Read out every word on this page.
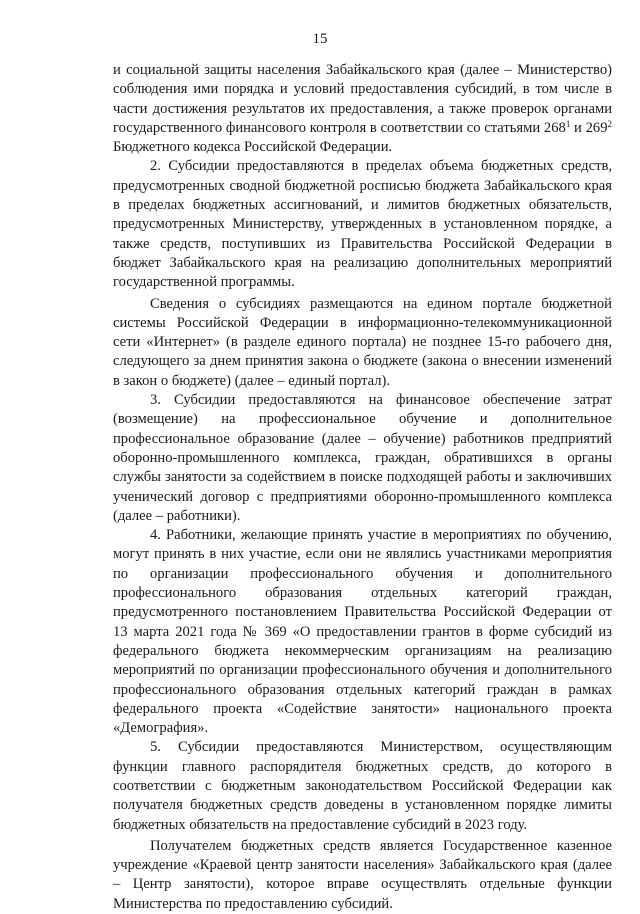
15

и социальной защиты населения Забайкальского края (далее – Министерство) соблюдения ими порядка и условий предоставления субсидий, в том числе в части достижения результатов их предоставления, а также проверок органами государственного финансового контроля в соответствии со статьями $268^1$ и $269^2$ Бюджетного кодекса Российской Федерации.

2. Субсидии предоставляются в пределах объема бюджетных средств, предусмотренных сводной бюджетной росписью бюджета Забайкальского края в пределах бюджетных ассигнований, и лимитов бюджетных обязательств, предусмотренных Министерству, утвержденных в установленном порядке, а также средств, поступивших из Правительства Российской Федерации в бюджет Забайкальского края на реализацию дополнительных мероприятий государственной программы.

Сведения о субсидиях размещаются на едином портале бюджетной системы Российской Федерации в информационно-телекоммуникационной сети «Интернет» (в разделе единого портала) не позднее 15-го рабочего дня, следующего за днем принятия закона о бюджете (закона о внесении изменений в закон о бюджете) (далее – единый портал).

3. Субсидии предоставляются на финансовое обеспечение затрат (возмещение) на профессиональное обучение и дополнительное профессиональное образование (далее – обучение) работников предприятий оборонно-промышленного комплекса, граждан, обратившихся в органы службы занятости за содействием в поиске подходящей работы и заключивших ученический договор с предприятиями оборонно-промышленного комплекса (далее – работники).

4. Работники, желающие принять участие в мероприятиях по обучению, могут принять в них участие, если они не являлись участниками мероприятия по организации профессионального обучения и дополнительного профессионального образования отдельных категорий граждан, предусмотренного постановлением Правительства Российской Федерации от 13 марта 2021 года № 369 «О предоставлении грантов в форме субсидий из федерального бюджета некоммерческим организациям на реализацию мероприятий по организации профессионального обучения и дополнительного профессионального образования отдельных категорий граждан в рамках федерального проекта «Содействие занятости» национального проекта «Демография».

5. Субсидии предоставляются Министерством, осуществляющим функции главного распорядителя бюджетных средств, до которого в соответствии с бюджетным законодательством Российской Федерации как получателя бюджетных средств доведены в установленном порядке лимиты бюджетных обязательств на предоставление субсидий в 2023 году.

Получателем бюджетных средств является Государственное казенное учреждение «Краевой центр занятости населения» Забайкальского края (далее – Центр занятости), которое вправе осуществлять отдельные функции Министерства по предоставлению субсидий.
